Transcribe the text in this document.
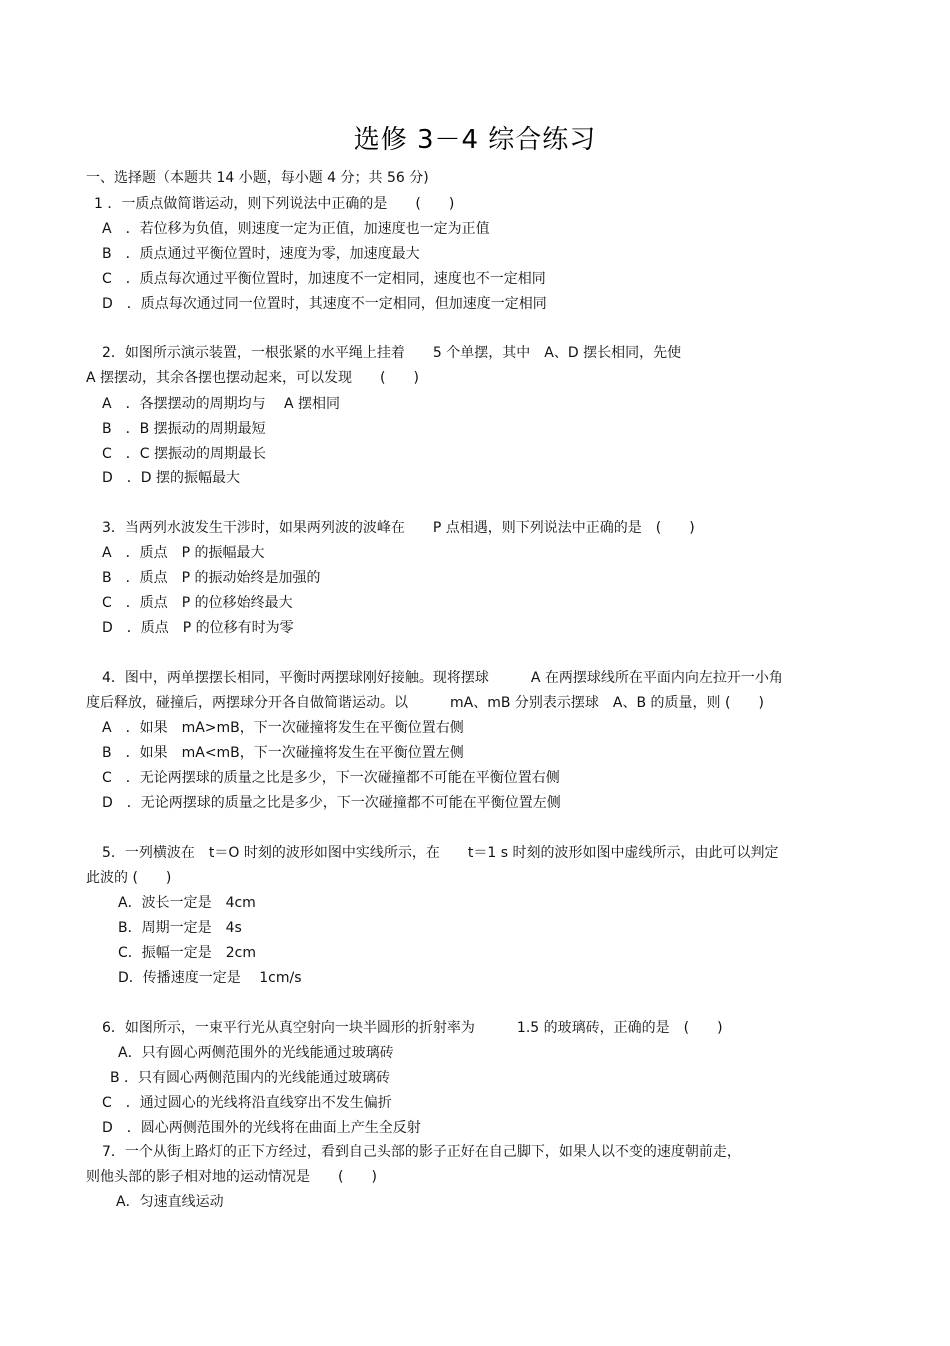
选修 3－4 综合练习
一、选择题（本题共 14 小题，每小题 4 分；共 56 分)
1 ．一质点做简谐运动，则下列说法中正确的是　　(　　)
A　．若位移为负值，则速度一定为正值，加速度也一定为正值
B　．质点通过平衡位置时，速度为零，加速度最大
C　．质点每次通过平衡位置时，加速度不一定相同，速度也不一定相同
D　．质点每次通过同一位置时，其速度不一定相同，但加速度一定相同
2．如图所示演示装置，一根张紧的水平绳上挂着　　5 个单摆，其中　A、D 摆长相同，先使
A 摆摆动，其余各摆也摆动起来，可以发现　　(　　)
A　．各摆摆动的周期均与　 A 摆相同
B　．B 摆振动的周期最短
C　．C 摆振动的周期最长
D　．D 摆的振幅最大
3．当两列水波发生干涉时，如果两列波的波峰在　　P 点相遇，则下列说法中正确的是　(　　)
A　．质点　P 的振幅最大
B　．质点　P 的振动始终是加强的
C　．质点　P 的位移始终最大
D　．质点　P 的位移有时为零
4．图中，两单摆摆长相同，平衡时两摆球刚好接触。现将摆球　　　A 在两摆球线所在平面内向左拉开一小角
度后释放，碰撞后，两摆球分开各自做简谐运动。以　　　mA、mB 分别表示摆球　A、B 的质量，则 (　　)
A　．如果　mA>mB，下一次碰撞将发生在平衡位置右侧
B　．如果　mA<mB，下一次碰撞将发生在平衡位置左侧
C　．无论两摆球的质量之比是多少，下一次碰撞都不可能在平衡位置右侧
D　．无论两摆球的质量之比是多少，下一次碰撞都不可能在平衡位置左侧
5．一列横波在　t＝O 时刻的波形如图中实线所示，在　　t＝1 s 时刻的波形如图中虚线所示，由此可以判定
此波的 (　　)
A．波长一定是　4cm
B．周期一定是　4s
C．振幅一定是　2cm
D．传播速度一定是　 1cm/s
6．如图所示，一束平行光从真空射向一块半圆形的折射率为　　　1.5 的玻璃砖，正确的是　(　　)
A．只有圆心两侧范围外的光线能通过玻璃砖
B ．只有圆心两侧范围内的光线能通过玻璃砖
C　．通过圆心的光线将沿直线穿出不发生偏折
D　．圆心两侧范围外的光线将在曲面上产生全反射
7．一个从街上路灯的正下方经过，看到自己头部的影子正好在自己脚下，如果人以不变的速度朝前走，
则他头部的影子相对地的运动情况是　　(　　)
A．匀速直线运动
